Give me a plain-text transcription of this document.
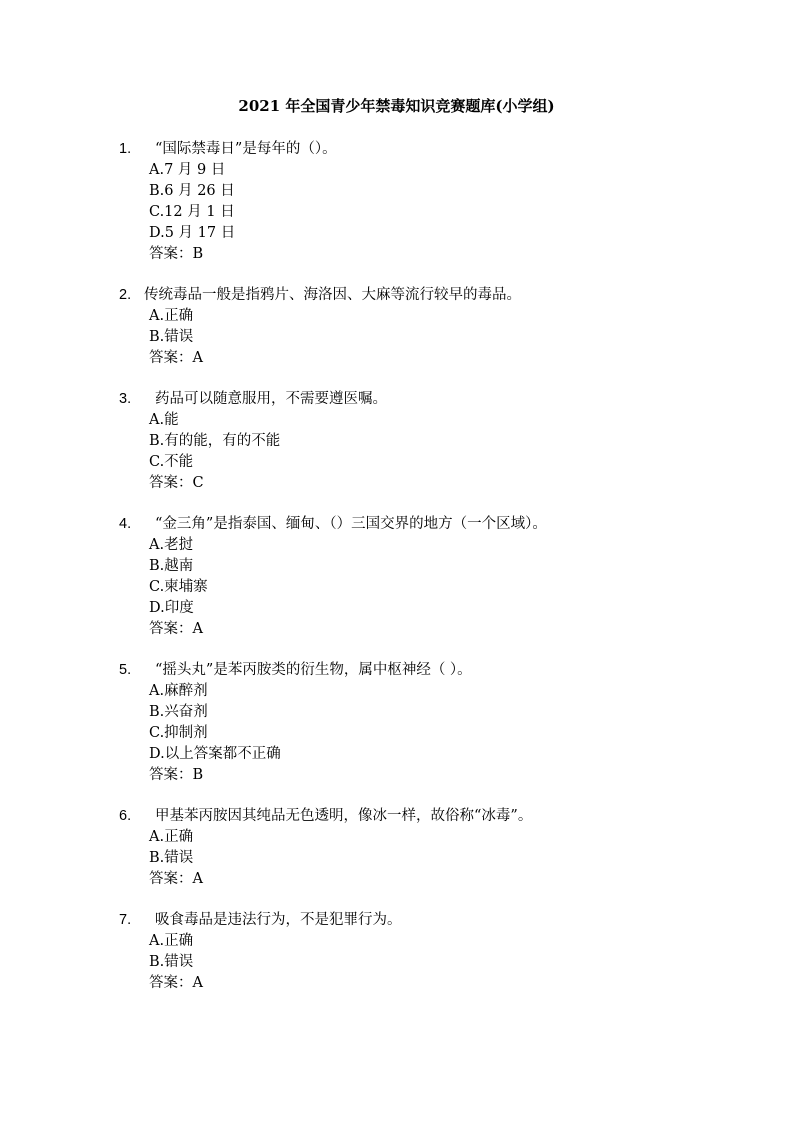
2021 年全国青少年禁毒知识竞赛题库(小学组)
1. “国际禁毒日”是每年的（）。
A.7 月 9 日
B.6 月 26 日
C.12 月 1 日
D.5 月 17 日
答案：B
2. 传统毒品一般是指鸦片、海洛因、大麻等流行较早的毒品。
A.正确
B.错误
答案：A
3. 药品可以随意服用，不需要遵医嘱。
A.能
B.有的能，有的不能
C.不能
答案：C
4. “金三角”是指泰国、缅甸、（）三国交界的地方（一个区域）。
A.老挝
B.越南
C.柬埔寨
D.印度
答案：A
5. “摇头丸”是苯丙胺类的衍生物，属中枢神经（ ）。
A.麻醉剂
B.兴奋剂
C.抑制剂
D.以上答案都不正确
答案：B
6. 甲基苯丙胺因其纯品无色透明，像冰一样，故俗称“冰毒”。
A.正确
B.错误
答案：A
7. 吸食毒品是违法行为，不是犯罪行为。
A.正确
B.错误
答案：A
